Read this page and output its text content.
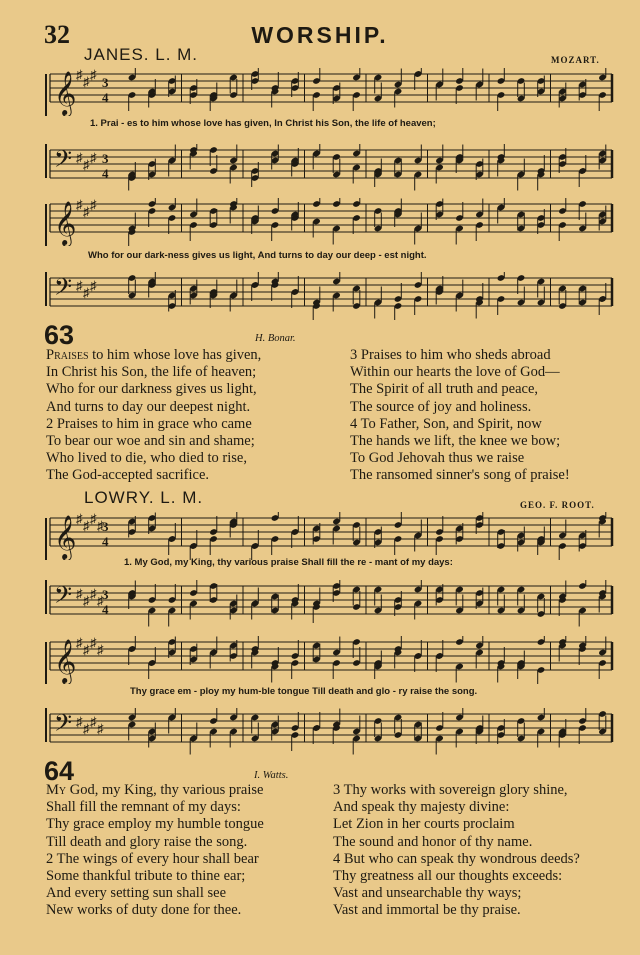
32	WORSHIP.
JANES. L. M.	MOZART.
𝄞 ♯ ♯ ♯
3
4
1. Prai - es to him whose love has given, In Christ his Son, the life of heaven;
𝄢 ♯ ♯ ♯ 3
4
𝄞 ♯ ♯ ♯
Who for our dark-ness gives us light, And turns to day our deep - est night.
𝄢 ♯ ♯ ♯
63	H. Bonar.
Praises to him whose love has given,
In Christ his Son, the life of heaven;
Who for our darkness gives us light,
And turns to day our deepest night.
2 Praises to him in grace who came
To bear our woe and sin and shame;
Who lived to die, who died to rise,
The God-accepted sacrifice.
3 Praises to him who sheds abroad
Within our hearts the love of God—
The Spirit of all truth and peace,
The source of joy and holiness.
4 To Father, Son, and Spirit, now
The hands we lift, the knee we bow;
To God Jehovah thus we raise
The ransomed sinner's song of praise!
LOWRY. L. M.	GEO. F. ROOT.
𝄞 ♯ ♯ ♯ ♯
3
4
1. My God, my King, thy various praise Shall fill the re - mant of my days:
𝄢 ♯ ♯ ♯ ♯
3
4
𝄞 ♯ ♯ ♯ ♯
Thy grace em - ploy my hum-ble tongue Till death and glo - ry raise the song.
𝄢 ♯ ♯ ♯ ♯
64	I. Watts.
My God, my King, thy various praise
Shall fill the remnant of my days:
Thy grace employ my humble tongue
Till death and glory raise the song.
2 The wings of every hour shall bear
Some thankful tribute to thine ear;
And every setting sun shall see
New works of duty done for thee.
3 Thy works with sovereign glory shine,
And speak thy majesty divine:
Let Zion in her courts proclaim
The sound and honor of thy name.
4 But who can speak thy wondrous deeds?
Thy greatness all our thoughts exceeds:
Vast and unsearchable thy ways;
Vast and immortal be thy praise.
